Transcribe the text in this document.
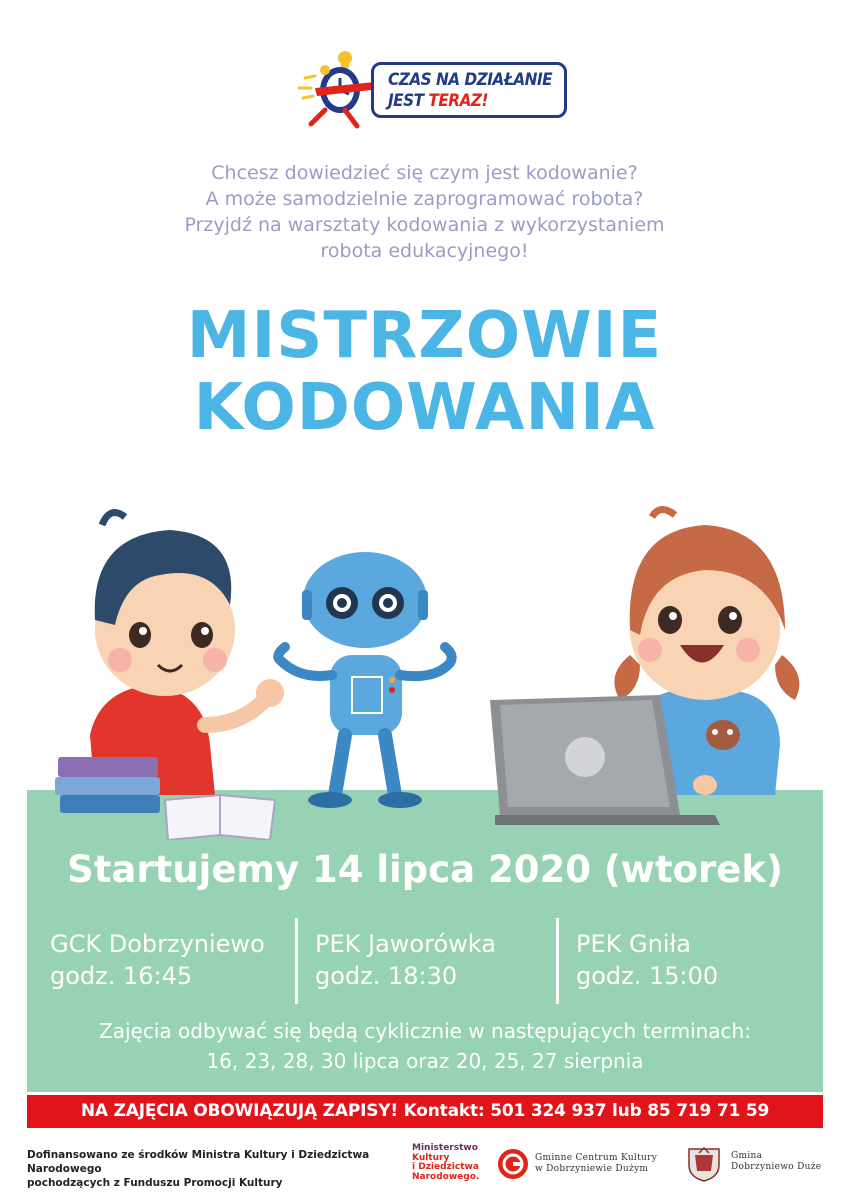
CZAS NA DZIAŁANIE
JEST TERAZ!

Chcesz dowiedzieć się czym jest kodowanie?

A może samodzielnie zaprogramować robota?

Przyjdź na warsztaty kodowania z wykorzystaniem

robota edukacyjnego!

MISTRZOWIE
KODOWANIA
Startujemy 14 lipca 2020 (wtorek)
GCK Dobrzyniewo
godz. 16:45
PEK Jaworówka
godz. 18:30
PEK Gniła
godz. 15:00
Zajęcia odbywać się będą cyklicznie w następujących terminach:
16, 23, 28, 30 lipca oraz 20, 25, 27 sierpnia
NA ZAJĘCIA OBOWIĄZUJĄ ZAPISY! Kontakt: 501 324 937 lub 85 719 71 59
Dofinansowano ze środków Ministra Kultury i Dziedzictwa Narodowego
pochodzących z Funduszu Promocji Kultury
Ministerstwo
Kultury
i Dziedzictwa
Narodowego.
Gminne Centrum Kultury
w Dobrzyniewie Dużym
Gmina
Dobrzyniewo Duże
